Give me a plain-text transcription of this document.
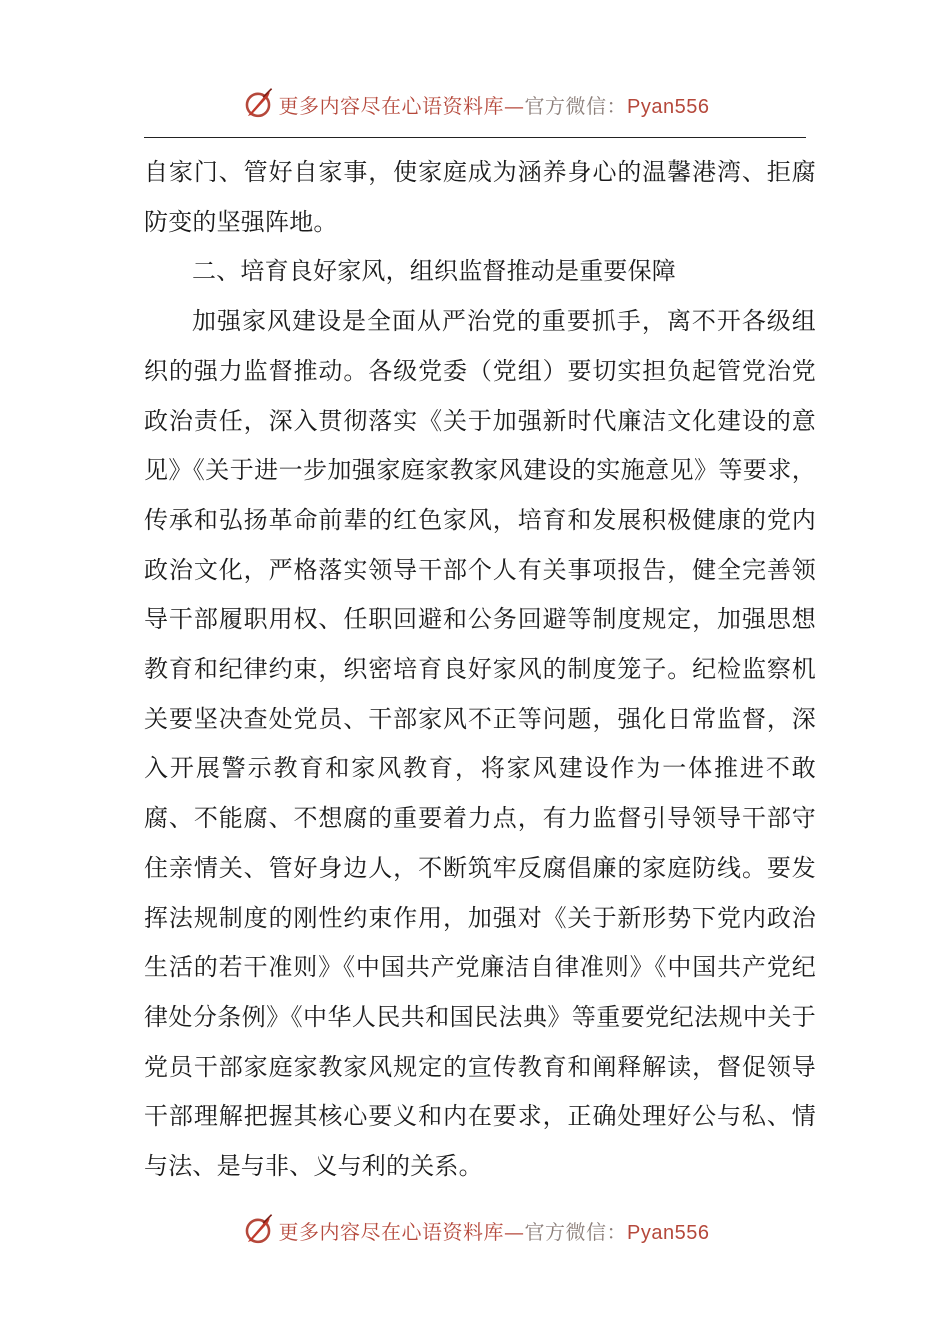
更多内容尽在心语资料库—官方微信：Pyan556

自家门、管好自家事，使家庭成为涵养身心的温馨港湾、拒腐防变的坚强阵地。

二、培育良好家风，组织监督推动是重要保障

加强家风建设是全面从严治党的重要抓手，离不开各级组织的强力监督推动。各级党委（党组）要切实担负起管党治党政治责任，深入贯彻落实《关于加强新时代廉洁文化建设的意见》《关于进一步加强家庭家教家风建设的实施意见》等要求，传承和弘扬革命前辈的红色家风，培育和发展积极健康的党内政治文化，严格落实领导干部个人有关事项报告，健全完善领导干部履职用权、任职回避和公务回避等制度规定，加强思想教育和纪律约束，织密培育良好家风的制度笼子。纪检监察机关要坚决查处党员、干部家风不正等问题，强化日常监督，深入开展警示教育和家风教育，将家风建设作为一体推进不敢腐、不能腐、不想腐的重要着力点，有力监督引导领导干部守住亲情关、管好身边人，不断筑牢反腐倡廉的家庭防线。要发挥法规制度的刚性约束作用，加强对《关于新形势下党内政治生活的若干准则》《中国共产党廉洁自律准则》《中国共产党纪律处分条例》《中华人民共和国民法典》等重要党纪法规中关于党员干部家庭家教家风规定的宣传教育和阐释解读，督促领导干部理解把握其核心要义和内在要求，正确处理好公与私、情与法、是与非、义与利的关系。

更多内容尽在心语资料库—官方微信：Pyan556
